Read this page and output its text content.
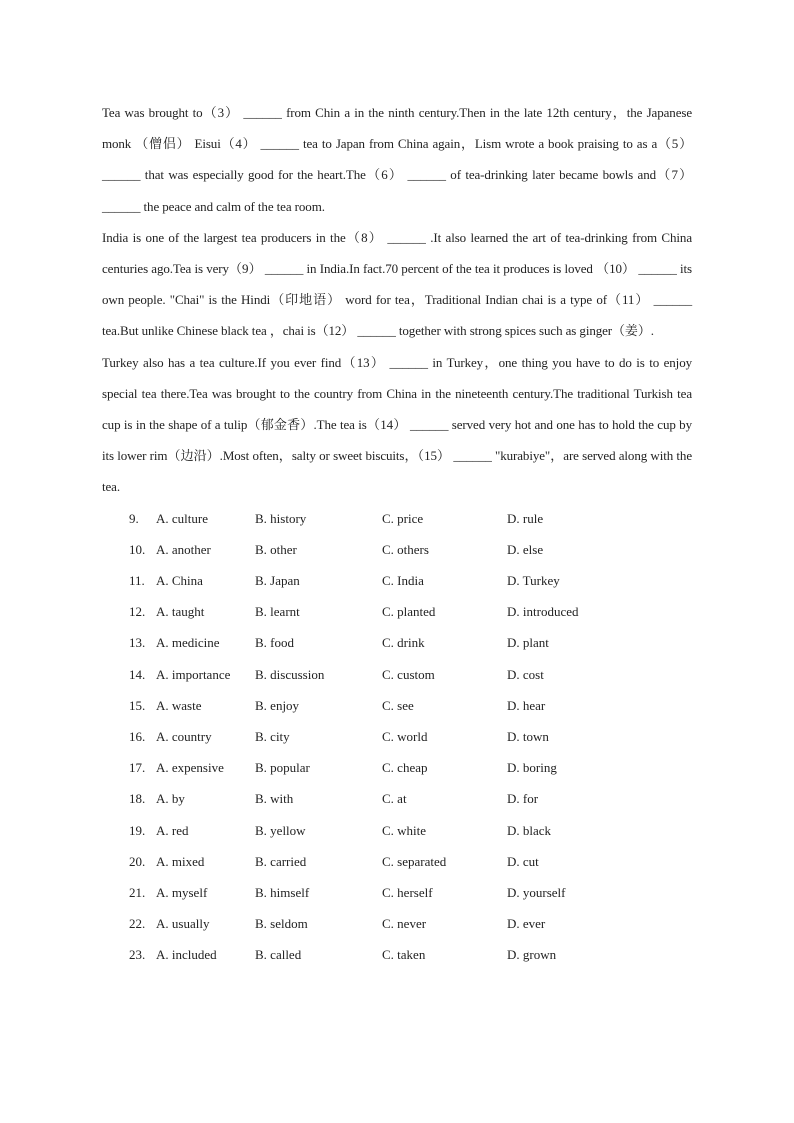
Tea was brought to（3） ______ from Chin a in the ninth century.Then in the late 12th century，the Japanese monk （僧侣） Eisui（4） ______ tea to Japan from China again，Lism wrote a book praising to as a（5） ______ that was especially good for the heart.The（6） ______ of tea-drinking later became bowls and（7） ______ the peace and calm of the tea room.

India is one of the largest tea producers in the（8） ______ .It also learned the art of tea-drinking from China centuries ago.Tea is very（9） ______ in India.In fact.70 percent of the tea it produces is loved （10） ______ its own people. "Chai" is the Hindi（印地语） word for tea，Traditional Indian chai is a type of（11） ______ tea.But unlike Chinese black tea ，chai is（12） ______ together with strong spices such as ginger（姜）.

Turkey also has a tea culture.If you ever find（13） ______ in Turkey，one thing you have to do is to enjoy special tea there.Tea was brought to the country from China in the nineteenth century.The traditional Turkish tea cup is in the shape of a tulip（郁金香）.The tea is（14） ______ served very hot and one has to hold the cup by its lower rim（边沿）.Most often，salty or sweet biscuits，（15） ______ "kurabiye"，are served along with the tea.

9.	A. culture	B. history	C. price	D. rule
10. A. another	B. other	C. others	D. else
11. A. China	B. Japan	C. India	D. Turkey
12. A. taught	B. learnt	C. planted	D. introduced
13. A. medicine	B. food	C. drink	D. plant
14. A. importance	B. discussion	C. custom	D. cost
15. A. waste	B. enjoy	C. see	D. hear
16. A. country	B. city	C. world	D. town
17. A. expensive	B. popular	C. cheap	D. boring
18. A. by	B. with	C. at	D. for
19. A. red	B. yellow	C. white	D. black
20. A. mixed	B. carried	C. separated	D. cut
21. A. myself	B. himself	C. herself	D. yourself
22. A. usually	B. seldom	C. never	D. ever
23. A. included	B. called	C. taken	D. grown
